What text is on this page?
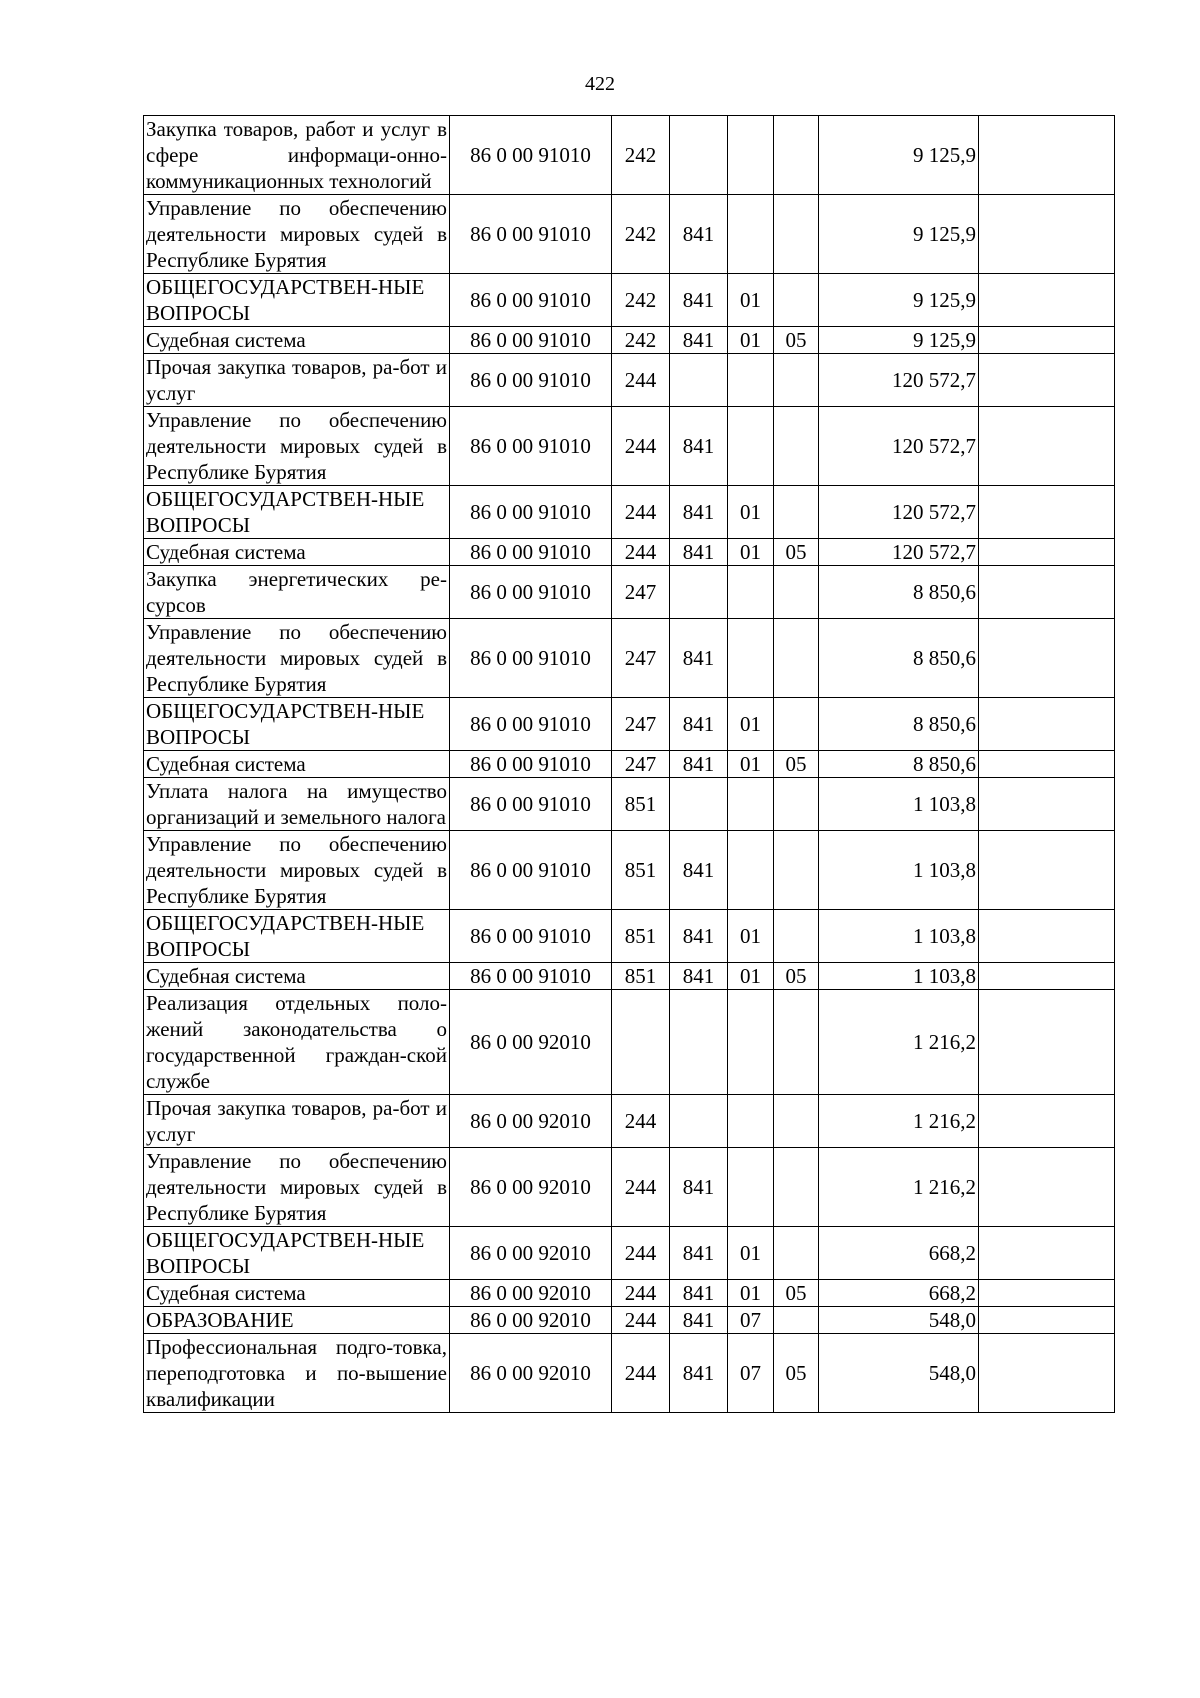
422
Закупка товаров, работ и услуг в сфере информаци-онно-коммуникационных технологий	86 0 00 91010	242				9 125,9	
Управление по обеспечению деятельности мировых судей в Республике Бурятия	86 0 00 91010	242	841			9 125,9	
ОБЩЕГОСУДАРСТВЕН-НЫЕ ВОПРОСЫ	86 0 00 91010	242	841	01		9 125,9	
Судебная система	86 0 00 91010	242	841	01	05	9 125,9	
Прочая закупка товаров, ра-бот и услуг	86 0 00 91010	244				120 572,7	
Управление по обеспечению деятельности мировых судей в Республике Бурятия	86 0 00 91010	244	841			120 572,7	
ОБЩЕГОСУДАРСТВЕН-НЫЕ ВОПРОСЫ	86 0 00 91010	244	841	01		120 572,7	
Судебная система	86 0 00 91010	244	841	01	05	120 572,7	
Закупка энергетических ре-сурсов	86 0 00 91010	247				8 850,6	
Управление по обеспечению деятельности мировых судей в Республике Бурятия	86 0 00 91010	247	841			8 850,6	
ОБЩЕГОСУДАРСТВЕН-НЫЕ ВОПРОСЫ	86 0 00 91010	247	841	01		8 850,6	
Судебная система	86 0 00 91010	247	841	01	05	8 850,6	
Уплата налога на имущество организаций и земельного налога	86 0 00 91010	851				1 103,8	
Управление по обеспечению деятельности мировых судей в Республике Бурятия	86 0 00 91010	851	841			1 103,8	
ОБЩЕГОСУДАРСТВЕН-НЫЕ ВОПРОСЫ	86 0 00 91010	851	841	01		1 103,8	
Судебная система	86 0 00 91010	851	841	01	05	1 103,8	
Реализация отдельных поло-жений законодательства о государственной граждан-ской службе	86 0 00 92010					1 216,2	
Прочая закупка товаров, ра-бот и услуг	86 0 00 92010	244				1 216,2	
Управление по обеспечению деятельности мировых судей в Республике Бурятия	86 0 00 92010	244	841			1 216,2	
ОБЩЕГОСУДАРСТВЕН-НЫЕ ВОПРОСЫ	86 0 00 92010	244	841	01		668,2	
Судебная система	86 0 00 92010	244	841	01	05	668,2	
ОБРАЗОВАНИЕ	86 0 00 92010	244	841	07		548,0	
Профессиональная подго-товка, переподготовка и по-вышение квалификации	86 0 00 92010	244	841	07	05	548,0	
